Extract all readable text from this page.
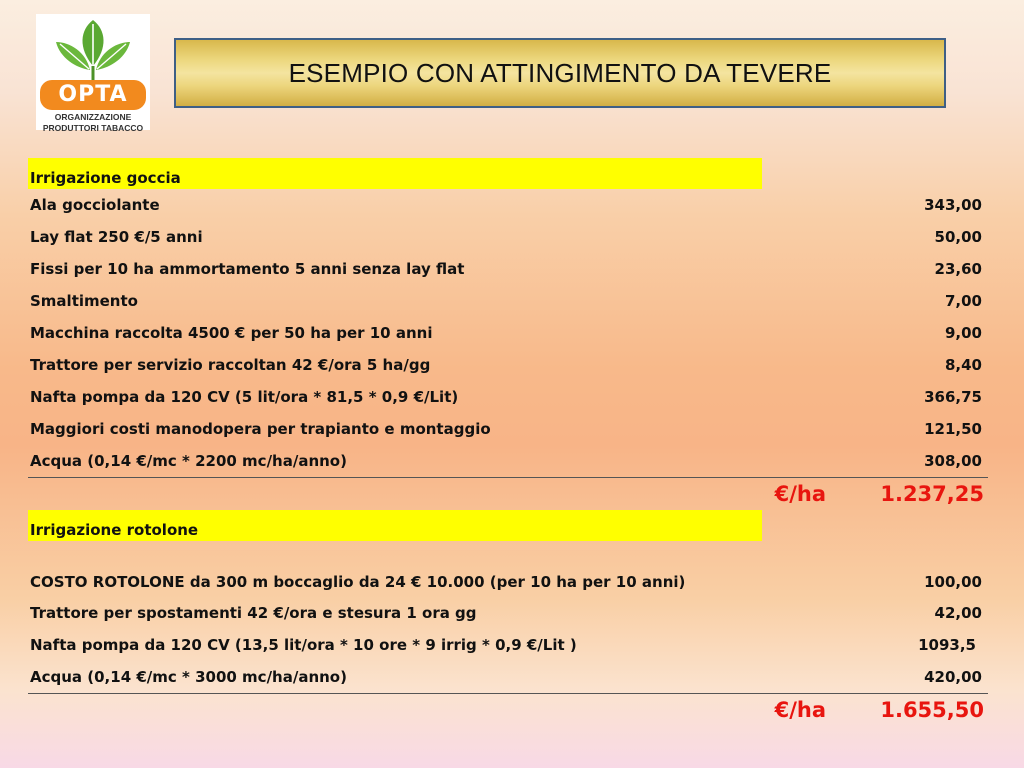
OPTA
ORGANIZZAZIONE
PRODUTTORI TABACCO
ESEMPIO CON ATTINGIMENTO DA TEVERE
Irrigazione goccia
Ala gocciolante	343,00
Lay flat 250 €/5 anni	50,00
Fissi per 10 ha ammortamento 5 anni senza lay flat	23,60
Smaltimento	7,00
Macchina raccolta 4500 € per 50 ha per 10 anni	9,00
Trattore per servizio raccoltan 42 €/ora 5 ha/gg	8,40
Nafta pompa da 120 CV (5 lit/ora * 81,5 * 0,9 €/Lit)	366,75
Maggiori costi manodopera per trapianto e montaggio	121,50
Acqua (0,14 €/mc * 2200 mc/ha/anno)	308,00
€/ha	1.237,25
Irrigazione rotolone
COSTO ROTOLONE da 300 m boccaglio da 24 € 10.000 (per 10 ha per 10 anni)	100,00
Trattore per spostamenti 42 €/ora e stesura 1 ora gg	42,00
Nafta pompa da 120 CV (13,5 lit/ora * 10 ore * 9 irrig * 0,9 €/Lit )	1093,5
Acqua (0,14 €/mc * 3000 mc/ha/anno)	420,00
€/ha	1.655,50
